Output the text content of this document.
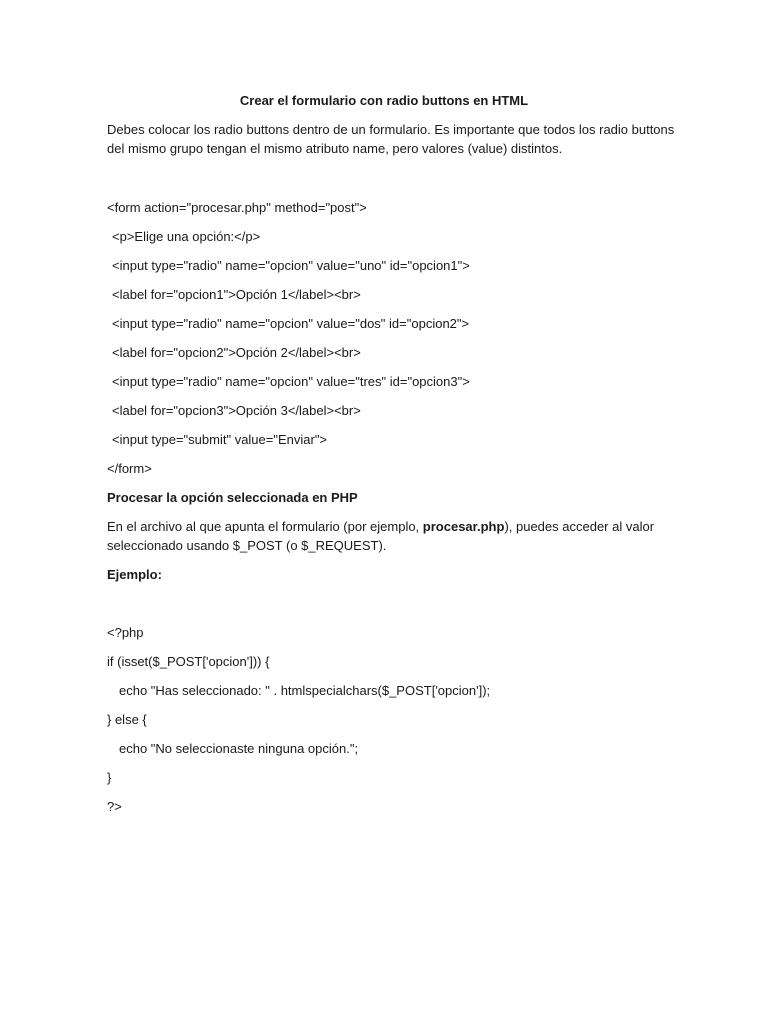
Crear el formulario con radio buttons en HTML
Debes colocar los radio buttons dentro de un formulario. Es importante que todos los radio buttons
del mismo grupo tengan el mismo atributo name, pero valores (value) distintos.
<form action="procesar.php" method="post">
<p>Elige una opción:</p>
<input type="radio" name="opcion" value="uno" id="opcion1">
<label for="opcion1">Opción 1</label><br>
<input type="radio" name="opcion" value="dos" id="opcion2">
<label for="opcion2">Opción 2</label><br>
<input type="radio" name="opcion" value="tres" id="opcion3">
<label for="opcion3">Opción 3</label><br>
<input type="submit" value="Enviar">
</form>
Procesar la opción seleccionada en PHP
En el archivo al que apunta el formulario (por ejemplo, procesar.php), puedes acceder al valor
seleccionado usando $_POST (o $_REQUEST).
Ejemplo:
<?php
if (isset($_POST['opcion'])) {
echo "Has seleccionado: " . htmlspecialchars($_POST['opcion']);
} else {
echo "No seleccionaste ninguna opción.";
}
?>
